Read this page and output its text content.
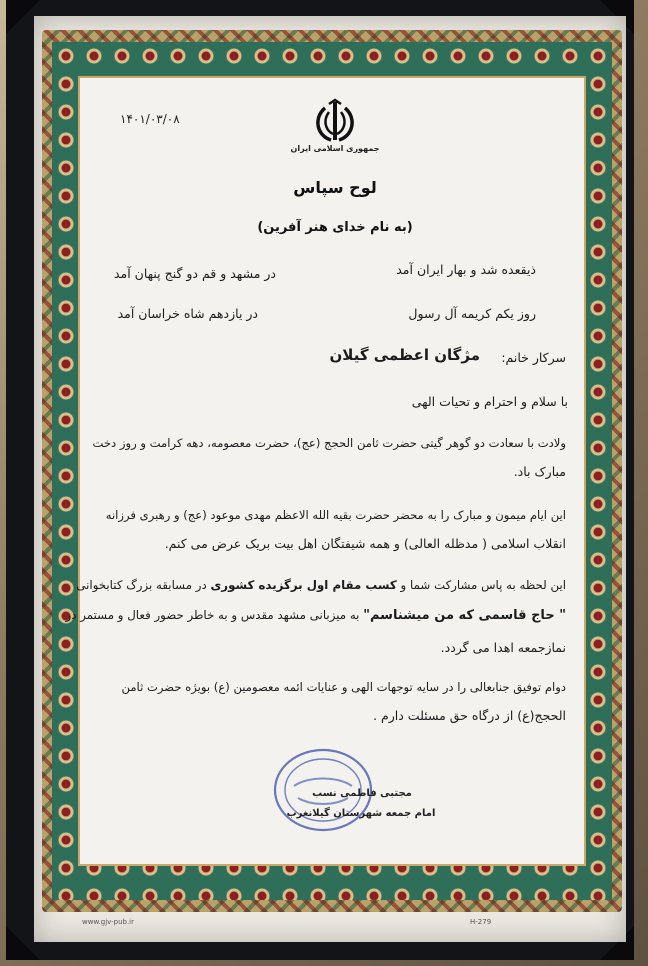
جمهوری اسلامی ایران
۱۴۰۱/۰۳/۰۸
لوح سپاس
(به نام خدای هنر آفرین)
ذیقعده شد و بهار ایران آمد
در مشهد و قم دو گنج پنهان آمد
روز یکم کریمه آل رسول
در یازدهم شاه خراسان آمد
سرکار خانم:
مژگان اعظمی گیلان
با سلام و احترام و تحیات الهی
ولادت با سعادت دو گوهر گیتی حضرت ثامن الحجج (عج)، حضرت معصومه، دهه کرامت و روز دخت
مبارک باد.
این ایام میمون و مبارک را به محضر حضرت بقیه الله الاعظم مهدی موعود (عج) و رهبری فرزانه
انقلاب اسلامی ( مدظله العالی) و همه شیفتگان اهل بیت بریک عرض می کنم.
این لحظه به پاس مشارکت شما و کسب مقام اول برگزیده کشوری در مسابقه بزرگ کتابخوانی
" حاج قاسمی که من میشناسم" به میزبانی مشهد مقدس و به خاطر حضور فعال و مستمر در
نمازجمعه اهدا می گردد.
دوام توفیق جنابعالی را در سایه توجهات الهی و عنایات ائمه معصومین (ع) بویژه حضرت ثامن
الحجج(ع) از درگاه حق مسئلت دارم .
مجتبی فاطمی نسب
امام جمعه شهرستان گیلانغرب
www.gjv-pub.ir	H-279
